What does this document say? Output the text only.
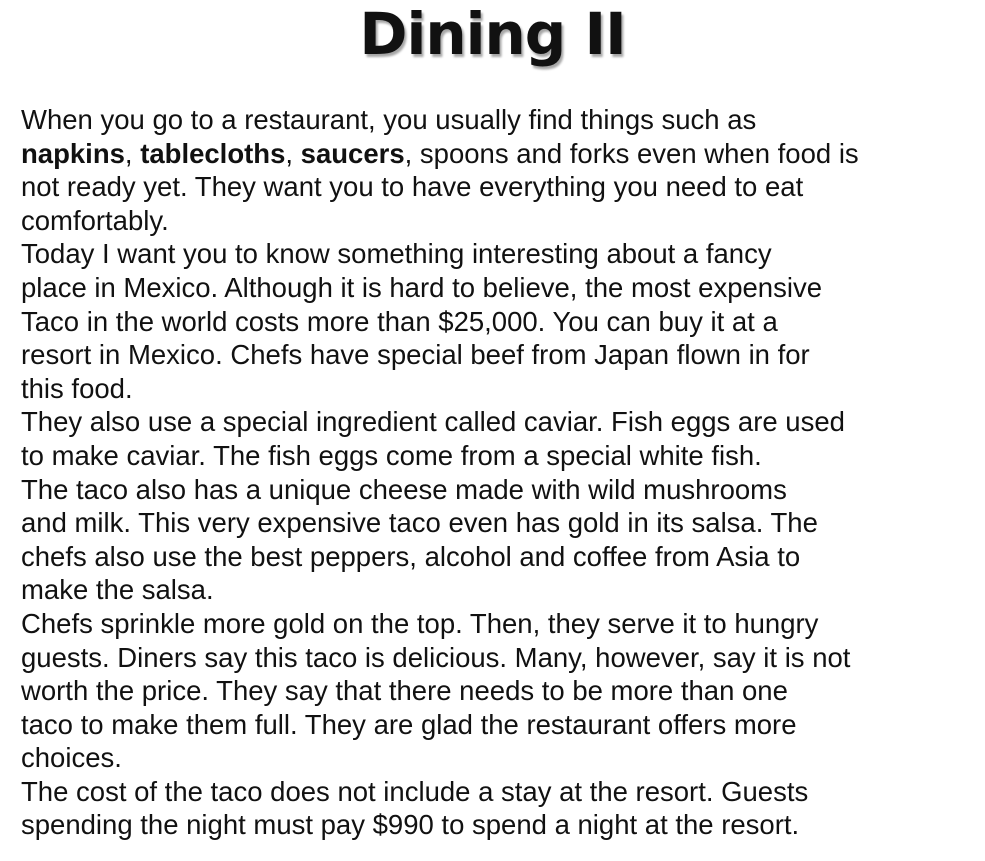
Dining II
When you go to a restaurant, you usually find things such as
napkins, tablecloths, saucers, spoons and forks even when food is
not ready yet. They want you to have everything you need to eat
comfortably.
Today I want you to know something interesting about a fancy
place in Mexico. Although it is hard to believe, the most expensive
Taco in the world costs more than $25,000. You can buy it at a
resort in Mexico. Chefs have special beef from Japan flown in for
this food.
They also use a special ingredient called caviar. Fish eggs are used
to make caviar. The fish eggs come from a special white fish.
The taco also has a unique cheese made with wild mushrooms
and milk. This very expensive taco even has gold in its salsa. The
chefs also use the best peppers, alcohol and coffee from Asia to
make the salsa.
Chefs sprinkle more gold on the top. Then, they serve it to hungry
guests. Diners say this taco is delicious. Many, however, say it is not
worth the price. They say that there needs to be more than one
taco to make them full. They are glad the restaurant offers more
choices.
The cost of the taco does not include a stay at the resort. Guests
spending the night must pay $990 to spend a night at the resort.
